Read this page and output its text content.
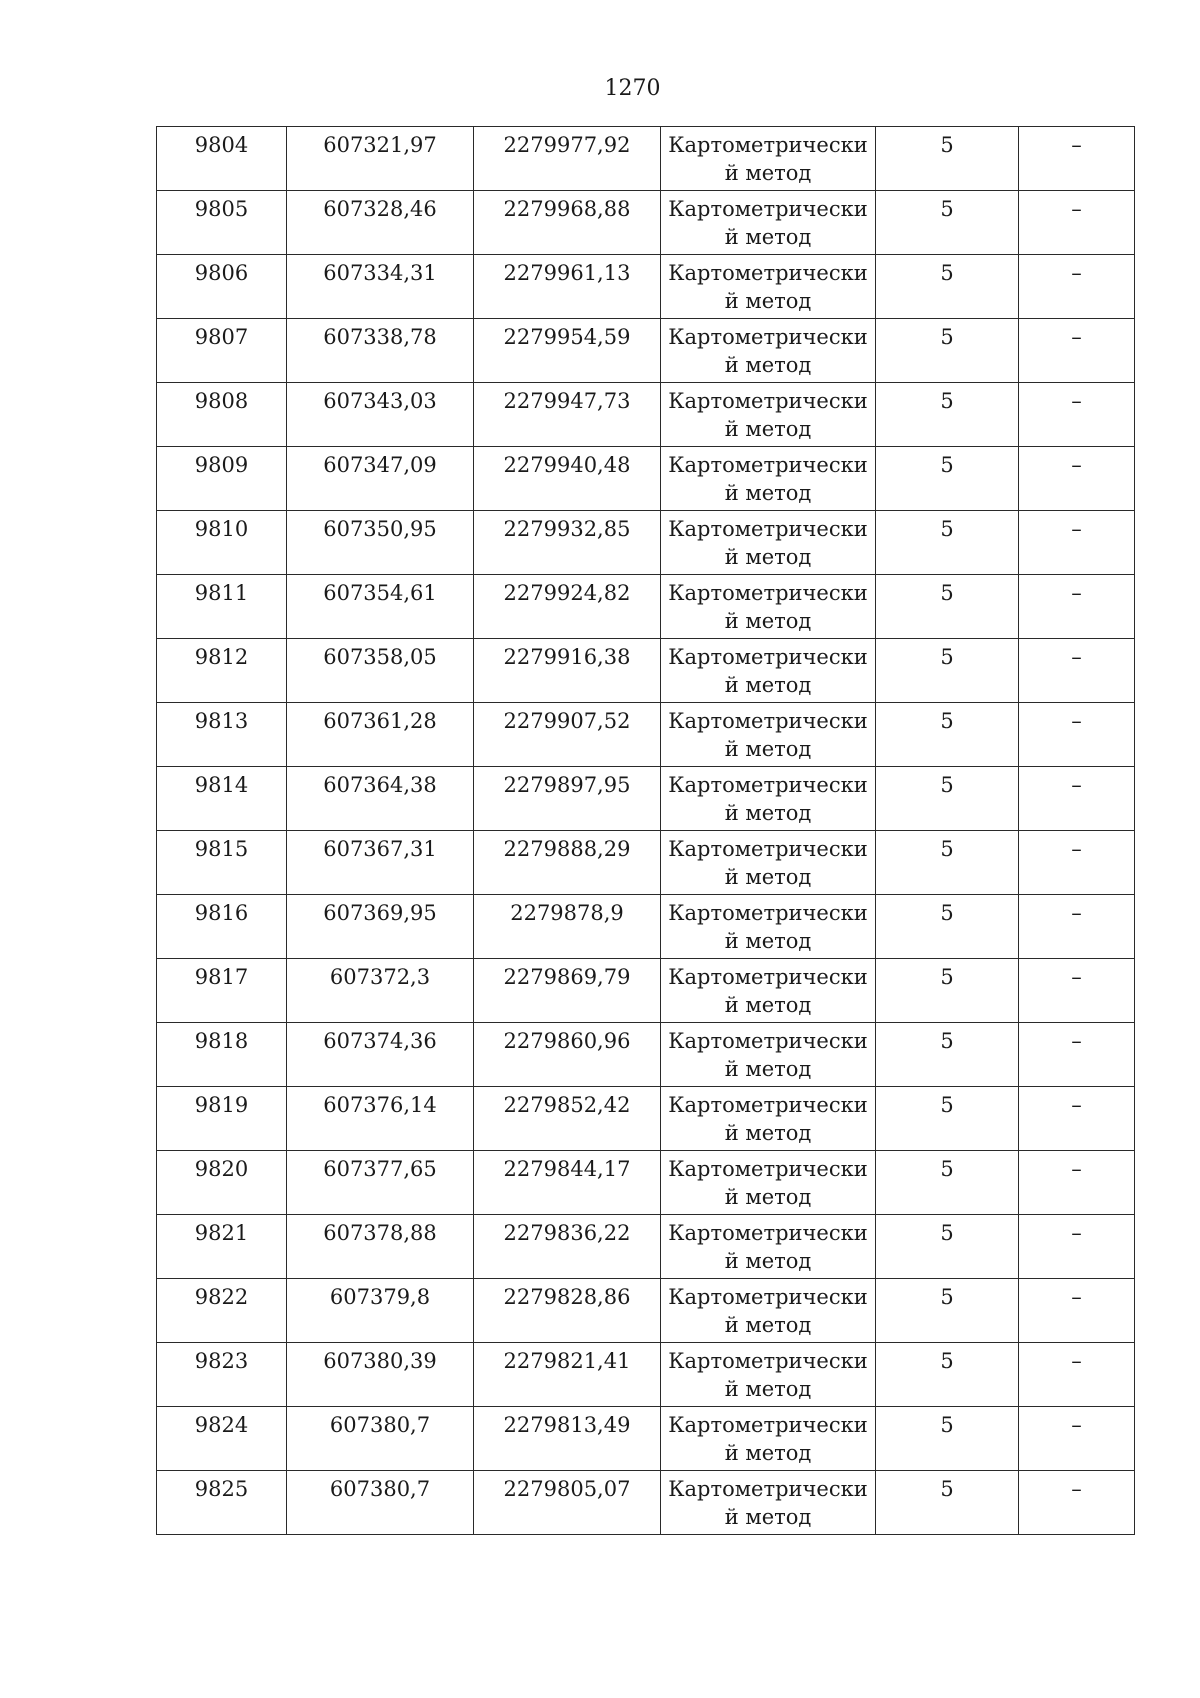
1270
9804	607321,97	2279977,92	Картометрический метод	5	–
9805	607328,46	2279968,88	Картометрический метод	5	–
9806	607334,31	2279961,13	Картометрический метод	5	–
9807	607338,78	2279954,59	Картометрический метод	5	–
9808	607343,03	2279947,73	Картометрический метод	5	–
9809	607347,09	2279940,48	Картометрический метод	5	–
9810	607350,95	2279932,85	Картометрический метод	5	–
9811	607354,61	2279924,82	Картометрический метод	5	–
9812	607358,05	2279916,38	Картометрический метод	5	–
9813	607361,28	2279907,52	Картометрический метод	5	–
9814	607364,38	2279897,95	Картометрический метод	5	–
9815	607367,31	2279888,29	Картометрический метод	5	–
9816	607369,95	2279878,9	Картометрический метод	5	–
9817	607372,3	2279869,79	Картометрический метод	5	–
9818	607374,36	2279860,96	Картометрический метод	5	–
9819	607376,14	2279852,42	Картометрический метод	5	–
9820	607377,65	2279844,17	Картометрический метод	5	–
9821	607378,88	2279836,22	Картометрический метод	5	–
9822	607379,8	2279828,86	Картометрический метод	5	–
9823	607380,39	2279821,41	Картометрический метод	5	–
9824	607380,7	2279813,49	Картометрический метод	5	–
9825	607380,7	2279805,07	Картометрический метод	5	–
